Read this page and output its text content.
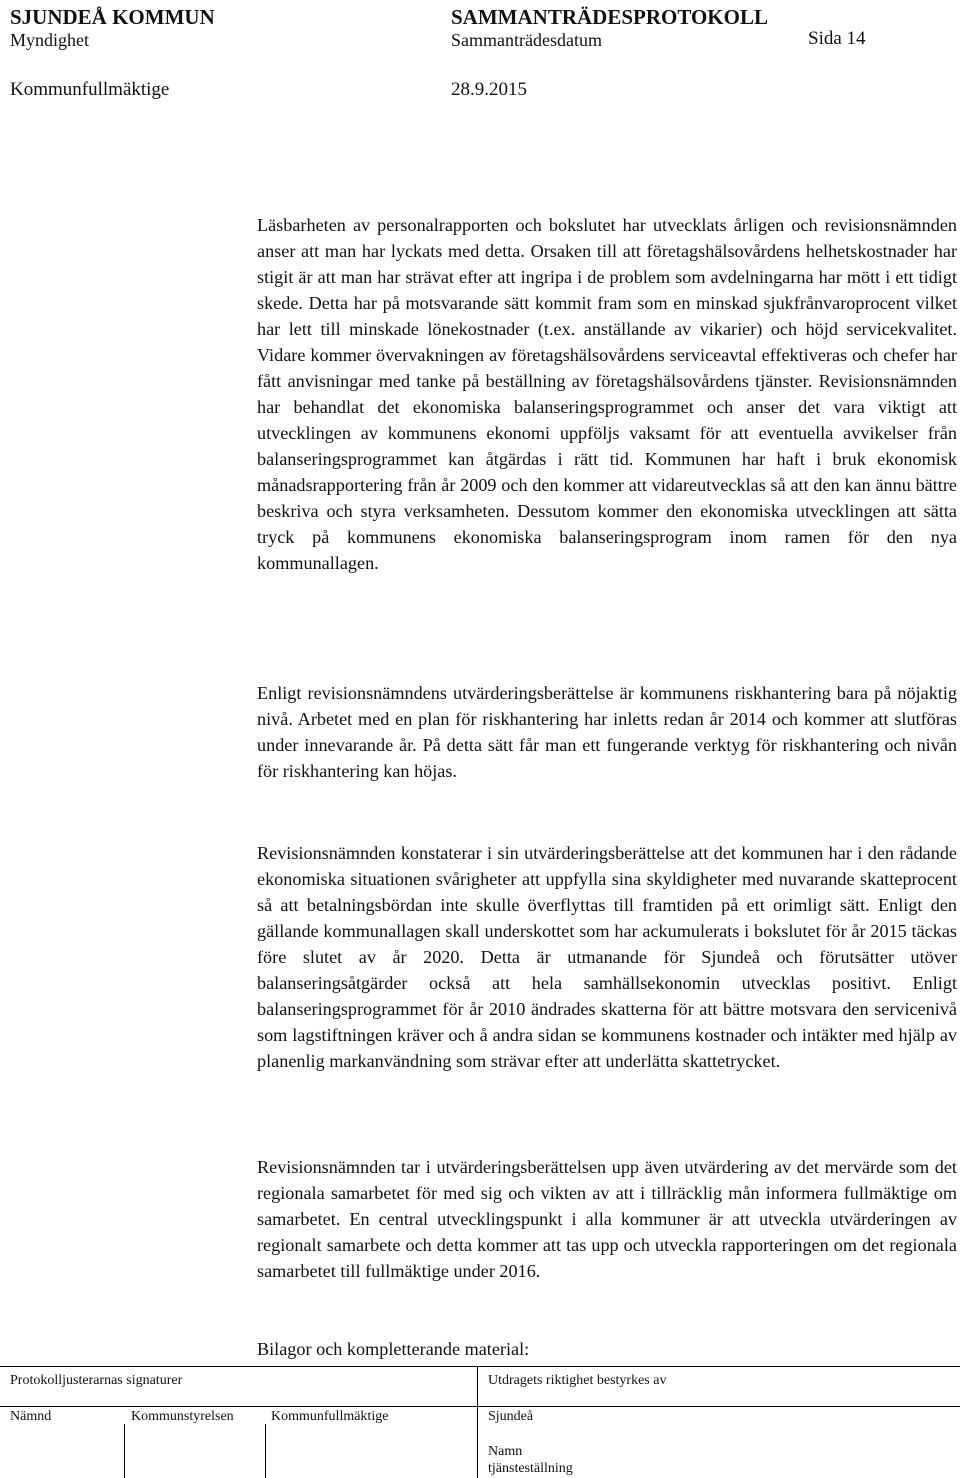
SJUNDEÅ KOMMUN	SAMMANTRÄDESPROTOKOLL
Myndighet	Sammanträdesdatum	Sida 14
Kommunfullmäktige	28.9.2015

Läsbarheten av personalrapporten och bokslutet har utvecklats årligen och revisionsnämnden anser att man har lyckats med detta. Orsaken till att företagshälsovårdens helhetskostnader har stigit är att man har strävat efter att ingripa i de problem som avdelningarna har mött i ett tidigt skede. Detta har på motsvarande sätt kommit fram som en minskad sjukfrånvaroprocent vilket har lett till minskade lönekostnader (t.ex. anställande av vikarier) och höjd servicekvalitet. Vidare kommer övervakningen av företagshälsovårdens serviceavtal effektiveras och chefer har fått anvisningar med tanke på beställning av företagshälsovårdens tjänster. Revisionsnämnden har behandlat det ekonomiska balanseringsprogrammet och anser det vara viktigt att utvecklingen av kommunens ekonomi uppföljs vaksamt för att eventuella avvikelser från balanseringsprogrammet kan åtgärdas i rätt tid. Kommunen har haft i bruk ekonomisk månadsrapportering från år 2009 och den kommer att vidareutvecklas så att den kan ännu bättre beskriva och styra verksamheten. Dessutom kommer den ekonomiska utvecklingen att sätta tryck på kommunens ekonomiska balanseringsprogram inom ramen för den nya kommunallagen.

Enligt revisionsnämndens utvärderingsberättelse är kommunens riskhantering bara på nöjaktig nivå. Arbetet med en plan för riskhantering har inletts redan år 2014 och kommer att slutföras under innevarande år. På detta sätt får man ett fungerande verktyg för riskhantering och nivån för riskhantering kan höjas.

Revisionsnämnden konstaterar i sin utvärderingsberättelse att det kommunen har i den rådande ekonomiska situationen svårigheter att uppfylla sina skyldigheter med nuvarande skatteprocent så att betalningsbördan inte skulle överflyttas till framtiden på ett orimligt sätt. Enligt den gällande kommunallagen skall underskottet som har ackumulerats i bokslutet för år 2015 täckas före slutet av år 2020. Detta är utmanande för Sjundeå och förutsätter utöver balanseringsåtgärder också att hela samhällsekonomin utvecklas positivt. Enligt balanseringsprogrammet för år 2010 ändrades skatterna för att bättre motsvara den servicenivå som lagstiftningen kräver och å andra sidan se kommunens kostnader och intäkter med hjälp av planenlig markanvändning som strävar efter att underlätta skattetrycket.

Revisionsnämnden tar i utvärderingsberättelsen upp även utvärdering av det mervärde som det regionala samarbetet för med sig och vikten av att i tillräcklig mån informera fullmäktige om samarbetet. En central utvecklingspunkt i alla kommuner är att utveckla utvärderingen av regionalt samarbete och detta kommer att tas upp och utveckla rapporteringen om det regionala samarbetet till fullmäktige under 2016.

Bilagor och kompletterande material:

Protokolljusterarnas signaturer	Utdragets riktighet bestyrkes av
Nämnd	Kommunstyrelsen	Kommunfullmäktige	Sjundeå
Namn
tjänsteställning
